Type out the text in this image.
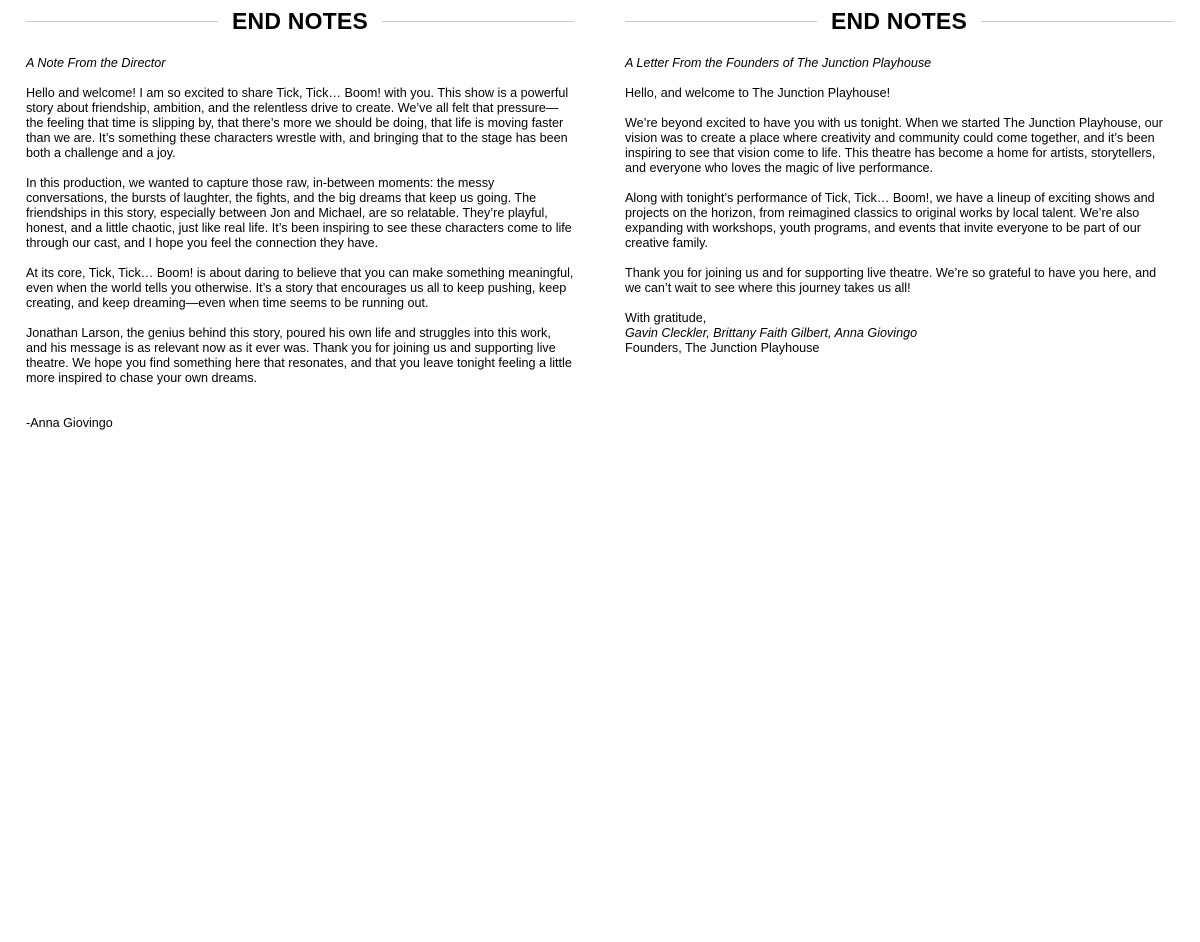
END NOTES

A Note From the Director

Hello and welcome! I am so excited to share Tick, Tick… Boom! with you. This show is a powerful story about friendship, ambition, and the relentless drive to create. We’ve all felt that pressure—the feeling that time is slipping by, that there’s more we should be doing, that life is moving faster than we are. It’s something these characters wrestle with, and bringing that to the stage has been both a challenge and a joy.

In this production, we wanted to capture those raw, in-between moments: the messy conversations, the bursts of laughter, the fights, and the big dreams that keep us going. The friendships in this story, especially between Jon and Michael, are so relatable. They’re playful, honest, and a little chaotic, just like real life. It’s been inspiring to see these characters come to life through our cast, and I hope you feel the connection they have.

At its core, Tick, Tick… Boom! is about daring to believe that you can make something meaningful, even when the world tells you otherwise. It’s a story that encourages us all to keep pushing, keep creating, and keep dreaming—even when time seems to be running out.

Jonathan Larson, the genius behind this story, poured his own life and struggles into this work, and his message is as relevant now as it ever was. Thank you for joining us and supporting live theatre. We hope you find something here that resonates, and that you leave tonight feeling a little more inspired to chase your own dreams.

-Anna Giovingo

END NOTES

A Letter From the Founders of The Junction Playhouse

Hello, and welcome to The Junction Playhouse!

We’re beyond excited to have you with us tonight. When we started The Junction Playhouse, our vision was to create a place where creativity and community could come together, and it’s been inspiring to see that vision come to life. This theatre has become a home for artists, storytellers, and everyone who loves the magic of live performance.

Along with tonight’s performance of Tick, Tick… Boom!, we have a lineup of exciting shows and projects on the horizon, from reimagined classics to original works by local talent. We’re also expanding with workshops, youth programs, and events that invite everyone to be part of our creative family.

Thank you for joining us and for supporting live theatre. We’re so grateful to have you here, and we can’t wait to see where this journey takes us all!

With gratitude,
Gavin Cleckler, Brittany Faith Gilbert, Anna Giovingo
Founders, The Junction Playhouse
